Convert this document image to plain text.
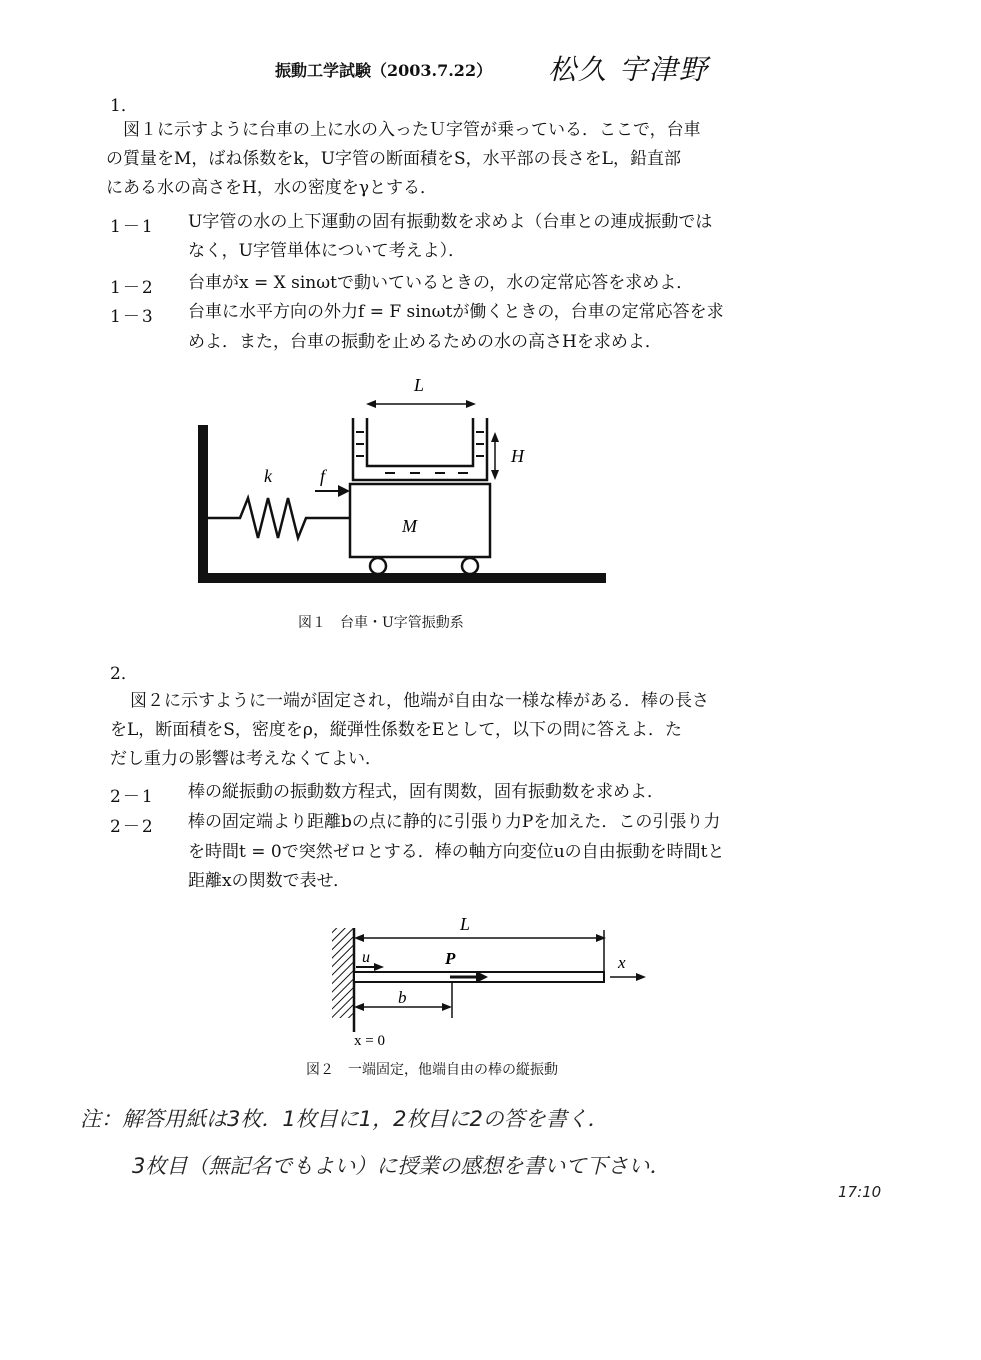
振動工学試験（2003.7.22） 松久 宇津野
1．
図１に示すように台車の上に水の入ったＵ字管が乗っている．ここで，台車
の質量をM，ばね係数をk，U字管の断面積をS，水平部の長さをL，鉛直部
にある水の高さをH，水の密度をγとする．
1－1 U字管の水の上下運動の固有振動数を求めよ（台車との連成振動では
なく，U字管単体について考えよ）．
1－2 台車がx = X sinωtで動いているときの，水の定常応答を求めよ．
1－3 台車に水平方向の外力f = F sinωtが働くときの，台車の定常応答を求
めよ．また，台車の振動を止めるための水の高さHを求めよ．
L
H
k	f
M
図１　台車・U字管振動系
2．
図２に示すように一端が固定され，他端が自由な一様な棒がある．棒の長さ
をL，断面積をS，密度をρ，縦弾性係数をEとして，以下の問に答えよ．た
だし重力の影響は考えなくてよい．
2－1 棒の縦振動の振動数方程式，固有関数，固有振動数を求めよ．
2－2 棒の固定端より距離bの点に静的に引張り力Pを加えた．この引張り力
を時間t = 0で突然ゼロとする．棒の軸方向変位uの自由振動を時間tと
距離xの関数で表せ．
L
u	P	x
b
x = 0
図２　一端固定，他端自由の棒の縦振動
注：解答用紙は3枚．1枚目に1，2枚目に2の答を書く．
3枚目（無記名でもよい）に授業の感想を書いて下さい．
17:10
